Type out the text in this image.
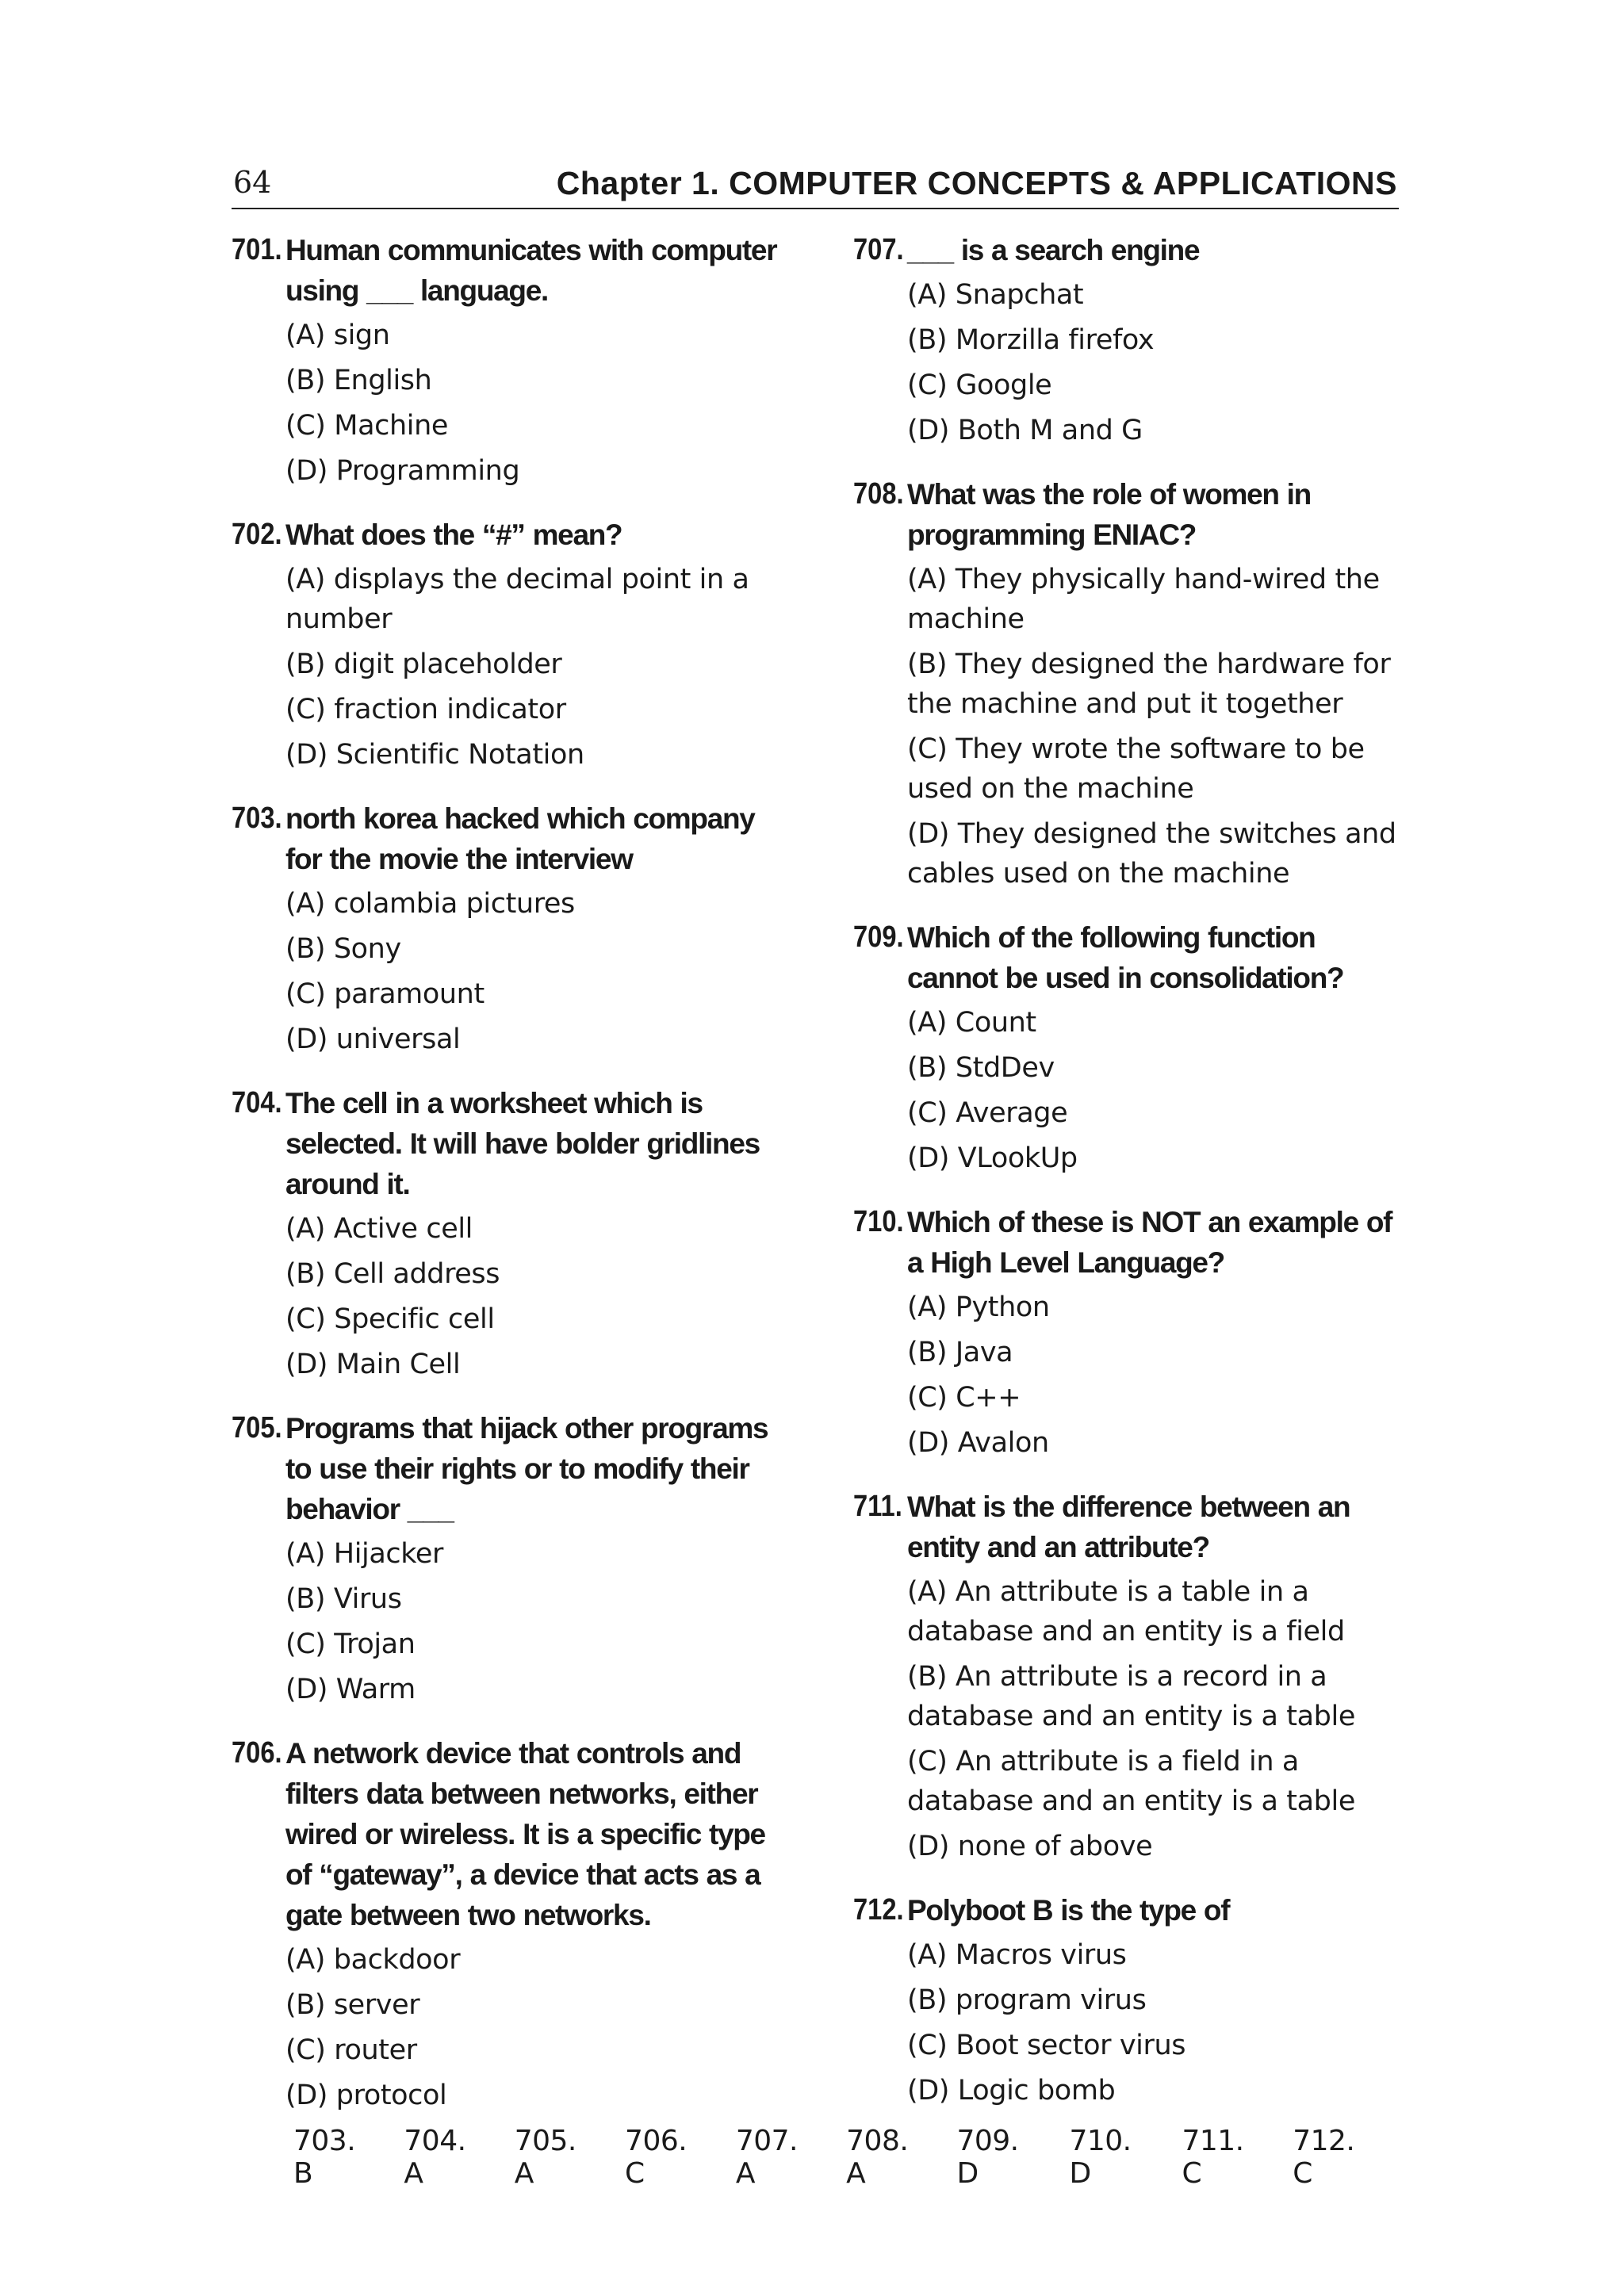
64	Chapter 1. COMPUTER CONCEPTS & APPLICATIONS
701. Human communicates with computer using ___ language.
(A) sign
(B) English
(C) Machine
(D) Programming
702. What does the “#” mean?
(A) displays the decimal point in a number
(B) digit placeholder
(C) fraction indicator
(D) Scientific Notation
703. north korea hacked which company for the movie the interview
(A) colambia pictures
(B) Sony
(C) paramount
(D) universal
704. The cell in a worksheet which is selected. It will have bolder gridlines around it.
(A) Active cell
(B) Cell address
(C) Specific cell
(D) Main Cell
705. Programs that hijack other programs to use their rights or to modify their behavior ___
(A) Hijacker
(B) Virus
(C) Trojan
(D) Warm
706. A network device that controls and filters data between networks, either wired or wireless. It is a specific type of “gateway”, a device that acts as a gate between two networks.
(A) backdoor
(B) server
(C) router
(D) protocol
707. ___ is a search engine
(A) Snapchat
(B) Morzilla firefox
(C) Google
(D) Both M and G
708. What was the role of women in programming ENIAC?
(A) They physically hand-wired the machine
(B) They designed the hardware for the machine and put it together
(C) They wrote the software to be used on the machine
(D) They designed the switches and cables used on the machine
709. Which of the following function cannot be used in consolidation?
(A) Count
(B) StdDev
(C) Average
(D) VLookUp
710. Which of these is NOT an example of a High Level Language?
(A) Python
(B) Java
(C) C++
(D) Avalon
711. What is the difference between an entity and an attribute?
(A) An attribute is a table in a database and an entity is a field
(B) An attribute is a record in a database and an entity is a table
(C) An attribute is a field in a database and an entity is a table
(D) none of above
712. Polyboot B is the type of
(A) Macros virus
(B) program virus
(C) Boot sector virus
(D) Logic bomb
703. B
704. A
705. A
706. C
707. A
708. A
709. D
710. D
711. C
712. C
